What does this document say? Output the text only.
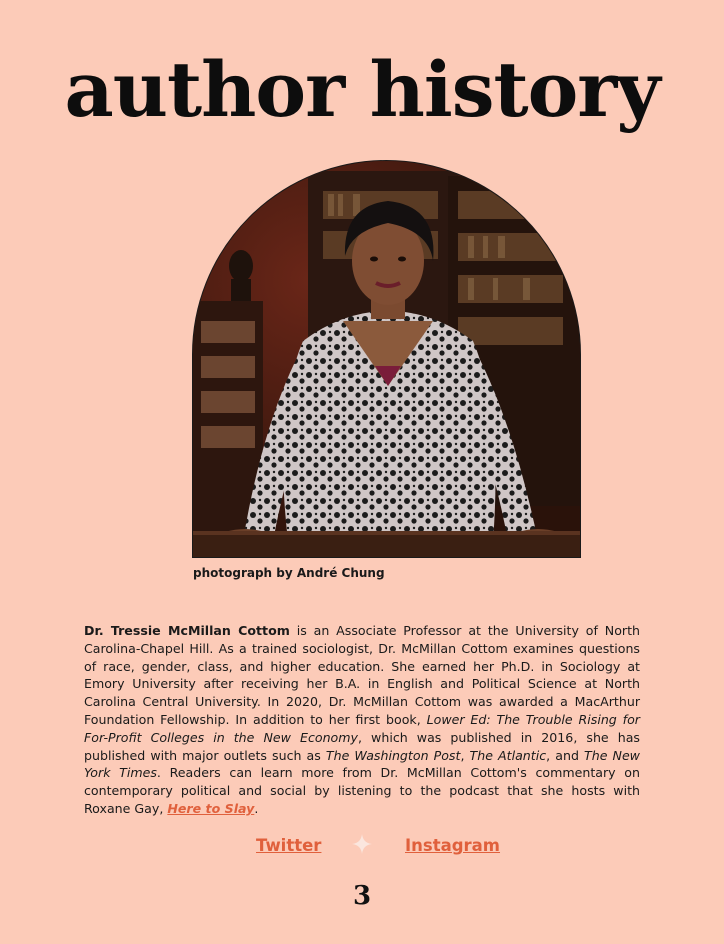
author history
photograph by André Chung
Dr. Tressie McMillan Cottom is an Associate Professor at the University of North Carolina-Chapel Hill. As a trained sociologist, Dr. McMillan Cottom examines questions of race, gender, class, and higher education. She earned her Ph.D. in Sociology at Emory University after receiving her B.A. in English and Political Science at North Carolina Central University. In 2020, Dr. McMillan Cottom was awarded a MacArthur Foundation Fellowship. In addition to her first book, Lower Ed: The Trouble Rising for For-Profit Colleges in the New Economy, which was published in 2016, she has published with major outlets such as The Washington Post, The Atlantic, and The New York Times. Readers can learn more from Dr. McMillan Cottom's commentary on contemporary political and social by listening to the podcast that she hosts with Roxane Gay, Here to Slay.
Twitter	Instagram
3
